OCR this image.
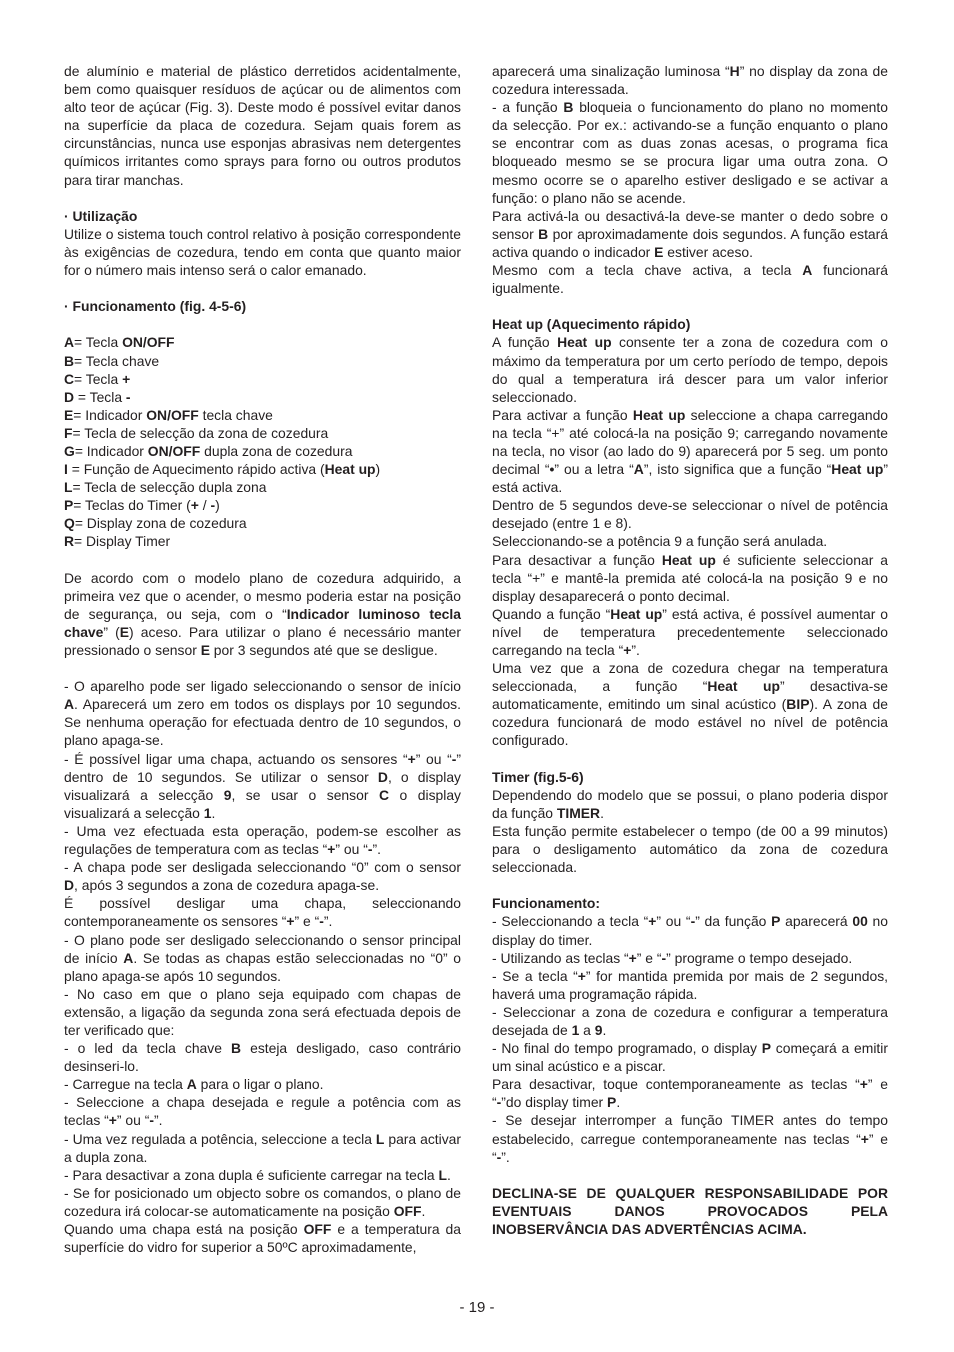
de alumínio e material de plástico derretidos acidentalmente, bem como quaisquer resíduos de açúcar ou de alimentos com alto teor de açúcar (Fig. 3). Deste modo é possível evitar danos na superfície da placa de cozedura. Sejam quais forem as circunstâncias, nunca use esponjas abrasivas nem detergentes químicos irritantes como sprays para forno ou outros produtos para tirar manchas.

· Utilização

Utilize o sistema touch control relativo à posição correspondente às exigências de cozedura, tendo em conta que quanto maior for o número mais intenso será o calor emanado.

· Funcionamento (fig. 4-5-6)

A= Tecla ON/OFF

B= Tecla chave

C= Tecla +

D = Tecla -

E= Indicador ON/OFF tecla chave

F= Tecla de selecção da zona de cozedura

G= Indicador ON/OFF dupla zona de cozedura

I = Função de Aquecimento rápido activa (Heat up)

L= Tecla de selecção dupla zona

P= Teclas do Timer (+ / -)

Q= Display zona de cozedura

R= Display Timer

De acordo com o modelo plano de cozedura adquirido, a primeira vez que o acender, o mesmo poderia estar na posição de segurança, ou seja, com o “Indicador luminoso tecla chave” (E) aceso. Para utilizar o plano é necessário manter pressionado o sensor E por 3 segundos até que se desligue.

- O aparelho pode ser ligado seleccionando o sensor de início A. Aparecerá um zero em todos os displays por 10 segundos. Se nenhuma operação for efectuada dentro de 10 segundos, o plano apaga-se.

- É possível ligar uma chapa, actuando os sensores “+” ou “-” dentro de 10 segundos. Se utilizar o sensor D, o display visualizará a selecção 9, se usar o sensor C o display visualizará a selecção 1.

- Uma vez efectuada esta operação, podem-se escolher as regulações de temperatura com as teclas “+” ou “-”.

- A chapa pode ser desligada seleccionando “0” com o sensor D, após 3 segundos a zona de cozedura apaga-se.

É possível desligar uma chapa, seleccionando contemporaneamente os sensores “+” e “-”.

- O plano pode ser desligado seleccionando o sensor principal de início A. Se todas as chapas estão seleccionadas no “0” o plano apaga-se após 10 segundos.

- No caso em que o plano seja equipado com chapas de extensão, a ligação da segunda zona será efectuada depois de ter verificado que:

- o led da tecla chave B esteja desligado, caso contrário desinseri-lo.

- Carregue na tecla A para o ligar o plano.

- Seleccione a chapa desejada e regule a potência com as teclas “+” ou “-”.

- Uma vez regulada a potência, seleccione a tecla L para activar a dupla zona.

- Para desactivar a zona dupla é suficiente carregar na tecla L.

- Se for posicionado um objecto sobre os comandos, o plano de cozedura irá colocar-se automaticamente na posição OFF.

Quando uma chapa está na posição OFF e a temperatura da superfície do vidro for superior a 50ºC aproximadamente,

aparecerá uma sinalização luminosa “H” no display da zona de cozedura interessada.

- a função B bloqueia o funcionamento do plano no momento da selecção. Por ex.: activando-se a função enquanto o plano se encontrar com as duas zonas acesas, o programa fica bloqueado mesmo se se procura ligar uma outra zona. O mesmo ocorre se o aparelho estiver desligado e se activar a função: o plano não se acende.

Para activá-la ou desactivá-la deve-se manter o dedo sobre o sensor B por aproximadamente dois segundos. A função estará activa quando o indicador E estiver aceso.

Mesmo com a tecla chave activa, a tecla A funcionará igualmente.

Heat up (Aquecimento rápido)

A função Heat up consente ter a zona de cozedura com o máximo da temperatura por um certo período de tempo, depois do qual a temperatura irá descer para um valor inferior seleccionado.

Para activar a função Heat up seleccione a chapa carregando na tecla “+” até colocá-la na posição 9; carregando novamente na tecla, no visor (ao lado do 9) aparecerá por 5 seg. um ponto decimal “•” ou a letra “A”, isto significa que a função “Heat up” está activa.

Dentro de 5 segundos deve-se seleccionar o nível de potência desejado (entre 1 e 8).

Seleccionando-se a potência 9 a função será anulada.

Para desactivar a função Heat up é suficiente seleccionar a tecla “+” e mantê-la premida até colocá-la na posição 9 e no display desaparecerá o ponto decimal.

Quando a função “Heat up” está activa, é possível aumentar o nível de temperatura precedentemente seleccionado carregando na tecla “+”.

Uma vez que a zona de cozedura chegar na temperatura seleccionada, a função “Heat up” desactiva-se automaticamente, emitindo um sinal acústico (BIP). A zona de cozedura funcionará de modo estável no nível de potência configurado.

Timer (fig.5-6)

Dependendo do modelo que se possui, o plano poderia dispor da função TIMER.

Esta função permite estabelecer o tempo (de 00 a 99 minutos) para o desligamento automático da zona de cozedura seleccionada.

Funcionamento:

- Seleccionando a tecla “+” ou “-” da função P aparecerá 00 no display do timer.

- Utilizando as teclas “+” e “-” programe o tempo desejado.

- Se a tecla “+” for mantida premida por mais de 2 segundos, haverá uma programação rápida.

- Seleccionar a zona de cozedura e configurar a temperatura desejada de 1 a 9.

- No final do tempo programado, o display P começará a emitir um sinal acústico e a piscar.

Para desactivar, toque contemporaneamente as teclas “+” e “-”do display timer P.

- Se desejar interromper a função TIMER antes do tempo estabelecido, carregue contemporaneamente nas teclas “+” e “-”.

DECLINA-SE DE QUALQUER RESPONSABILIDADE POR EVENTUAIS DANOS PROVOCADOS PELA INOBSERVÂNCIA DAS ADVERTÊNCIAS ACIMA.

- 19 -
